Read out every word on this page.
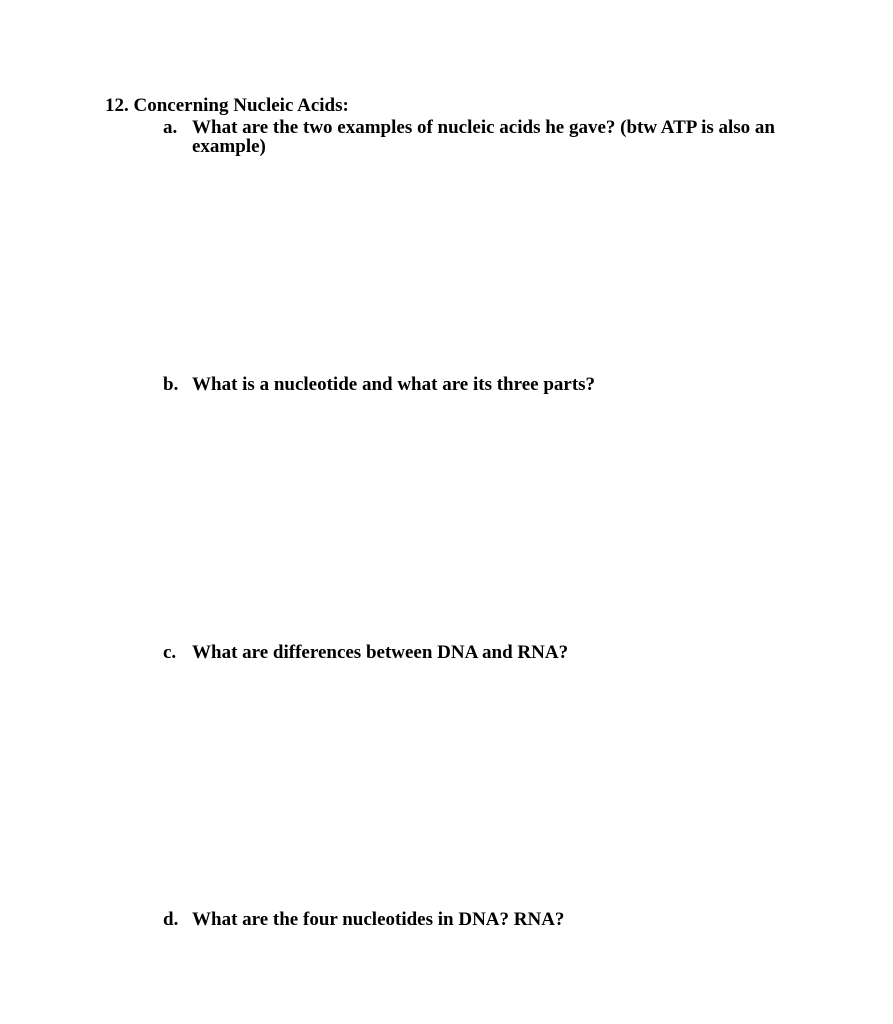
12. Concerning Nucleic Acids:
a. What are the two examples of nucleic acids he gave? (btw ATP is also an example)
b. What is a nucleotide and what are its three parts?
c. What are differences between DNA and RNA?
d. What are the four nucleotides in DNA? RNA?
